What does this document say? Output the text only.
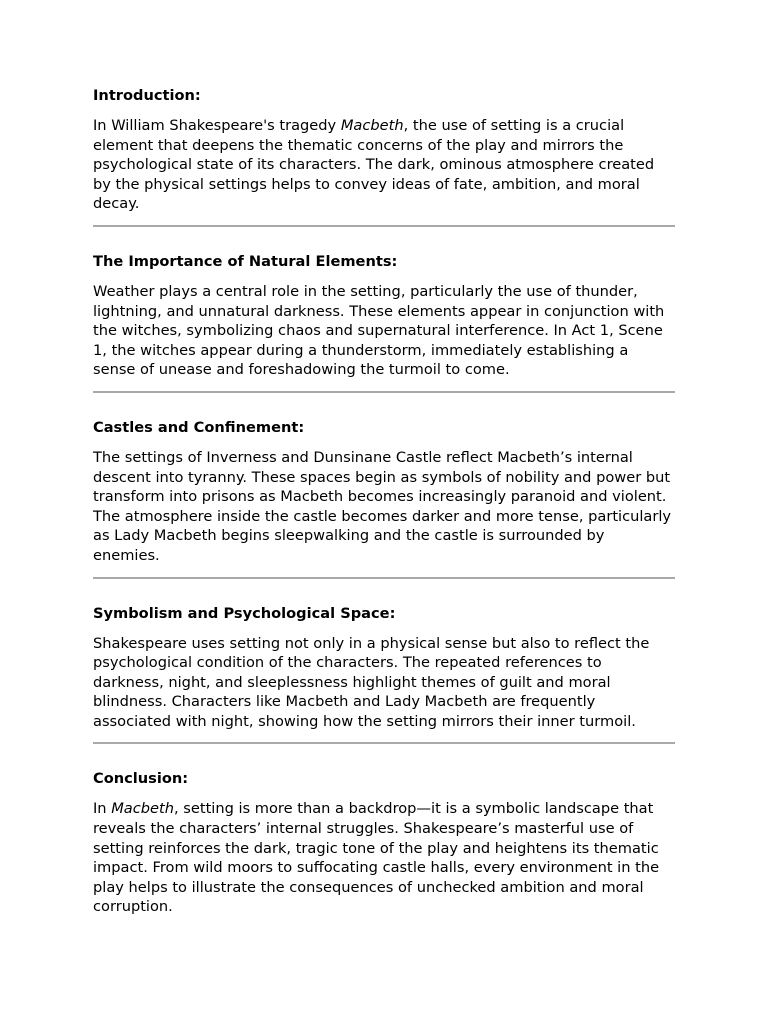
Introduction:

In William Shakespeare's tragedy Macbeth, the use of setting is a crucial element that deepens the thematic concerns of the play and mirrors the psychological state of its characters. The dark, ominous atmosphere created by the physical settings helps to convey ideas of fate, ambition, and moral decay.

The Importance of Natural Elements:

Weather plays a central role in the setting, particularly the use of thunder, lightning, and unnatural darkness. These elements appear in conjunction with the witches, symbolizing chaos and supernatural interference. In Act 1, Scene 1, the witches appear during a thunderstorm, immediately establishing a sense of unease and foreshadowing the turmoil to come.

Castles and Confinement:

The settings of Inverness and Dunsinane Castle reflect Macbeth’s internal descent into tyranny. These spaces begin as symbols of nobility and power but transform into prisons as Macbeth becomes increasingly paranoid and violent. The atmosphere inside the castle becomes darker and more tense, particularly as Lady Macbeth begins sleepwalking and the castle is surrounded by enemies.

Symbolism and Psychological Space:

Shakespeare uses setting not only in a physical sense but also to reflect the psychological condition of the characters. The repeated references to darkness, night, and sleeplessness highlight themes of guilt and moral blindness. Characters like Macbeth and Lady Macbeth are frequently associated with night, showing how the setting mirrors their inner turmoil.

Conclusion:

In Macbeth, setting is more than a backdrop—it is a symbolic landscape that reveals the characters’ internal struggles. Shakespeare’s masterful use of setting reinforces the dark, tragic tone of the play and heightens its thematic impact. From wild moors to suffocating castle halls, every environment in the play helps to illustrate the consequences of unchecked ambition and moral corruption.
